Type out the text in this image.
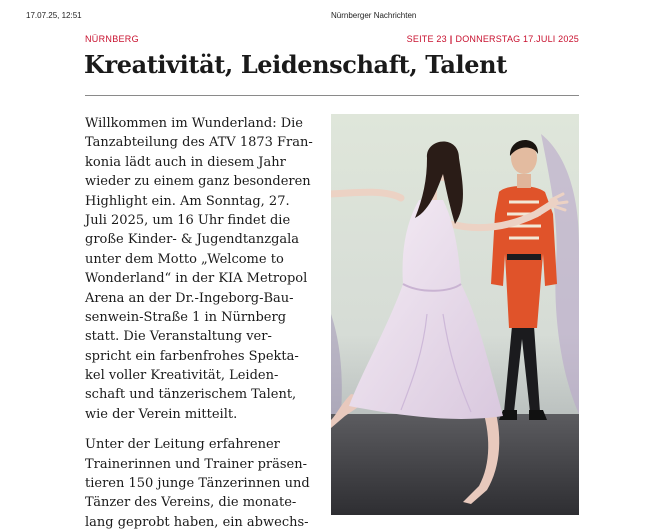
17.07.25, 12:51	Nürnberger Nachrichten
NÜRNBERG	SEITE 23 | DONNERSTAG 17.JULI 2025
Kreativität, Leidenschaft, Talent
Willkommen im Wunderland: Die
Tanzabteilung des ATV 1873 Fran-
konia lädt auch in diesem Jahr
wieder zu einem ganz besonderen
Highlight ein. Am Sonntag, 27.
Juli 2025, um 16 Uhr findet die
große Kinder- & Jugendtanzgala
unter dem Motto „Welcome to
Wonderland“ in der KIA Metropol
Arena an der Dr.-Ingeborg-Bau-
senwein-Straße 1 in Nürnberg
statt. Die Veranstaltung ver-
spricht ein farbenfrohes Spekta-
kel voller Kreativität, Leiden-
schaft und tänzerischem Talent,
wie der Verein mitteilt.
Unter der Leitung erfahrener
Trainerinnen und Trainer präsen-
tieren 150 junge Tänzerinnen und
Tänzer des Vereins, die monate-
lang geprobt haben, ein abwechs-
